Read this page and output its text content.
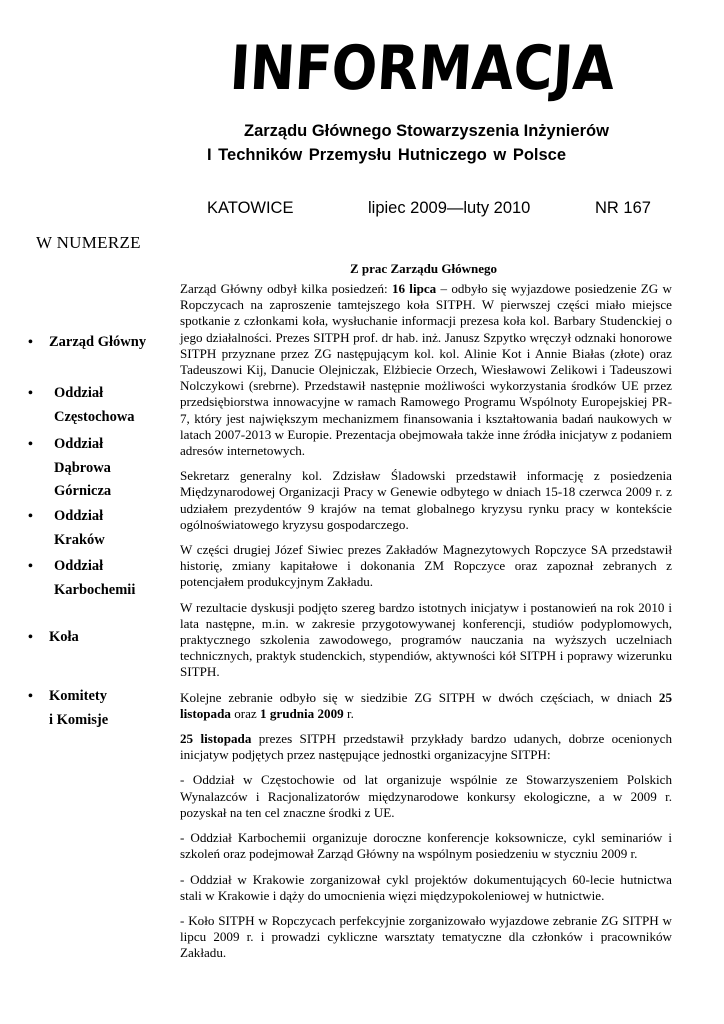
INFORMACJA
Zarządu Głównego Stowarzyszenia Inżynierów
I Techników Przemysłu Hutniczego w Polsce
KATOWICE	lipiec 2009—luty 2010	NR 167
W NUMERZE
•	Zarząd Główny
•	Oddział
Częstochowa
•	Oddział
Dąbrowa
Górnicza
•	Oddział
Kraków
•	Oddział
Karbochemii
•	Koła
•	Komitety
i Komisje
Z prac Zarządu Głównego

Zarząd Główny odbył kilka posiedzeń: 16 lipca – odbyło się wyjazdowe posiedzenie ZG w Ropczycach na zaproszenie tamtejszego koła SITPH. W pierwszej części miało miejsce spotkanie z członkami koła, wysłuchanie informacji prezesa koła kol. Barbary Studenckiej o jego działalności. Prezes SITPH prof. dr hab. inż. Janusz Szpytko wręczył odznaki honorowe SITPH przyznane przez ZG następującym kol. kol. Alinie Kot i Annie Białas (złote) oraz Tadeuszowi Kij, Danucie Olejniczak, Elżbiecie Orzech, Wiesławowi Zelikowi i Tadeuszowi Nolczykowi (srebrne). Przedstawił następnie możliwości wykorzystania środków UE przez przedsiębiorstwa innowacyjne w ramach Ramowego Programu Wspólnoty Europejskiej PR-7, który jest największym mechanizmem finansowania i kształtowania badań naukowych w latach 2007-2013 w Europie. Prezentacja obejmowała także inne źródła inicjatyw z podaniem adresów internetowych.

Sekretarz generalny kol. Zdzisław Śladowski przedstawił informację z posiedzenia Międzynarodowej Organizacji Pracy w Genewie odbytego w dniach 15-18 czerwca 2009 r. z udziałem prezydentów 9 krajów na temat globalnego kryzysu rynku pracy w kontekście ogólnoświatowego kryzysu gospodarczego.

W części drugiej Józef Siwiec prezes Zakładów Magnezytowych Ropczyce SA przedstawił historię, zmiany kapitałowe i dokonania ZM Ropczyce oraz zapoznał zebranych z potencjałem produkcyjnym Zakładu.

W rezultacie dyskusji podjęto szereg bardzo istotnych inicjatyw i postanowień na rok 2010 i lata następne, m.in. w zakresie przygotowywanej konferencji, studiów podyplomowych, praktycznego szkolenia zawodowego, programów nauczania na wyższych uczelniach technicznych, praktyk studenckich, stypendiów, aktywności kół SITPH i poprawy wizerunku SITPH.

Kolejne zebranie odbyło się w siedzibie ZG SITPH w dwóch częściach, w dniach 25 listopada oraz 1 grudnia 2009 r.

25 listopada prezes SITPH przedstawił przykłady bardzo udanych, dobrze ocenionych inicjatyw podjętych przez następujące jednostki organizacyjne SITPH:

- Oddział w Częstochowie od lat organizuje wspólnie ze Stowarzyszeniem Polskich Wynalazców i Racjonalizatorów międzynarodowe konkursy ekologiczne, a w 2009 r. pozyskał na ten cel znaczne środki z UE.

- Oddział Karbochemii organizuje doroczne konferencje koksownicze, cykl seminariów i szkoleń oraz podejmował Zarząd Główny na wspólnym posiedzeniu w styczniu 2009 r.

- Oddział w Krakowie zorganizował cykl projektów dokumentujących 60-lecie hutnictwa stali w Krakowie i dąży do umocnienia więzi międzypokoleniowej w hutnictwie.

- Koło SITPH w Ropczycach perfekcyjnie zorganizowało wyjazdowe zebranie ZG SITPH w lipcu 2009 r. i prowadzi cykliczne warsztaty tematyczne dla członków i pracowników Zakładu.
